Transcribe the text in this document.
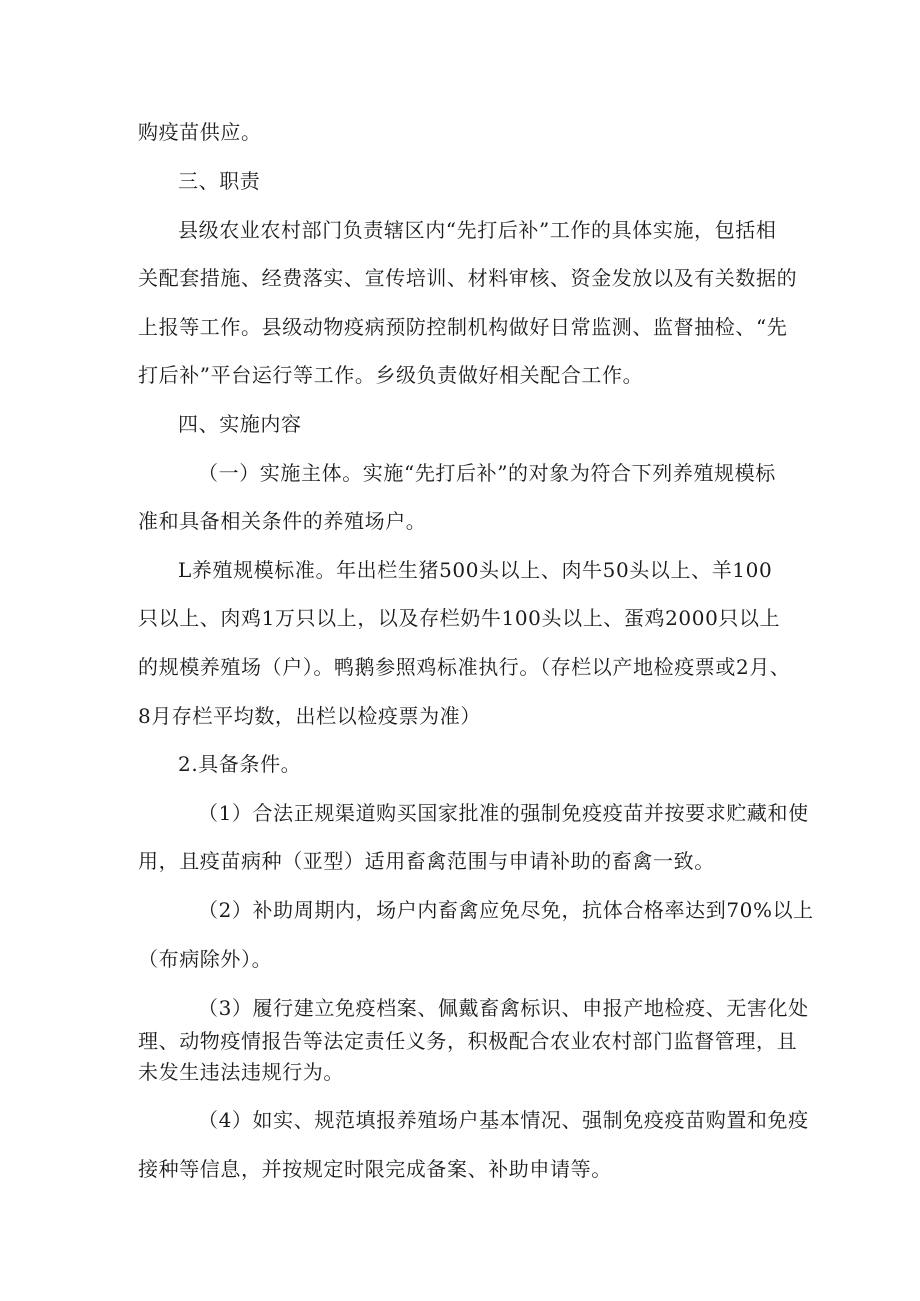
购疫苗供应。
三、职责
县级农业农村部门负责辖区内“先打后补”工作的具体实施，包括相
关配套措施、经费落实、宣传培训、材料审核、资金发放以及有关数据的
上报等工作。县级动物疫病预防控制机构做好日常监测、监督抽检、“先
打后补”平台运行等工作。乡级负责做好相关配合工作。
四、实施内容
（一）实施主体。实施“先打后补”的对象为符合下列养殖规模标
准和具备相关条件的养殖场户。
L养殖规模标准。年出栏生猪500头以上、肉牛50头以上、羊100
只以上、肉鸡1万只以上，以及存栏奶牛100头以上、蛋鸡2000只以上
的规模养殖场（户）。鸭鹅参照鸡标准执行。（存栏以产地检疫票或2月、
8月存栏平均数，出栏以检疫票为准）
2.具备条件。
（1）合法正规渠道购买国家批准的强制免疫疫苗并按要求贮藏和使
用，且疫苗病种（亚型）适用畜禽范围与申请补助的畜禽一致。
（2）补助周期内，场户内畜禽应免尽免，抗体合格率达到70%以上
（布病除外）。
（3）履行建立免疫档案、佩戴畜禽标识、申报产地检疫、无害化处
理、动物疫情报告等法定责任义务，积极配合农业农村部门监督管理，且
未发生违法违规行为。
（4）如实、规范填报养殖场户基本情况、强制免疫疫苗购置和免疫
接种等信息，并按规定时限完成备案、补助申请等。
